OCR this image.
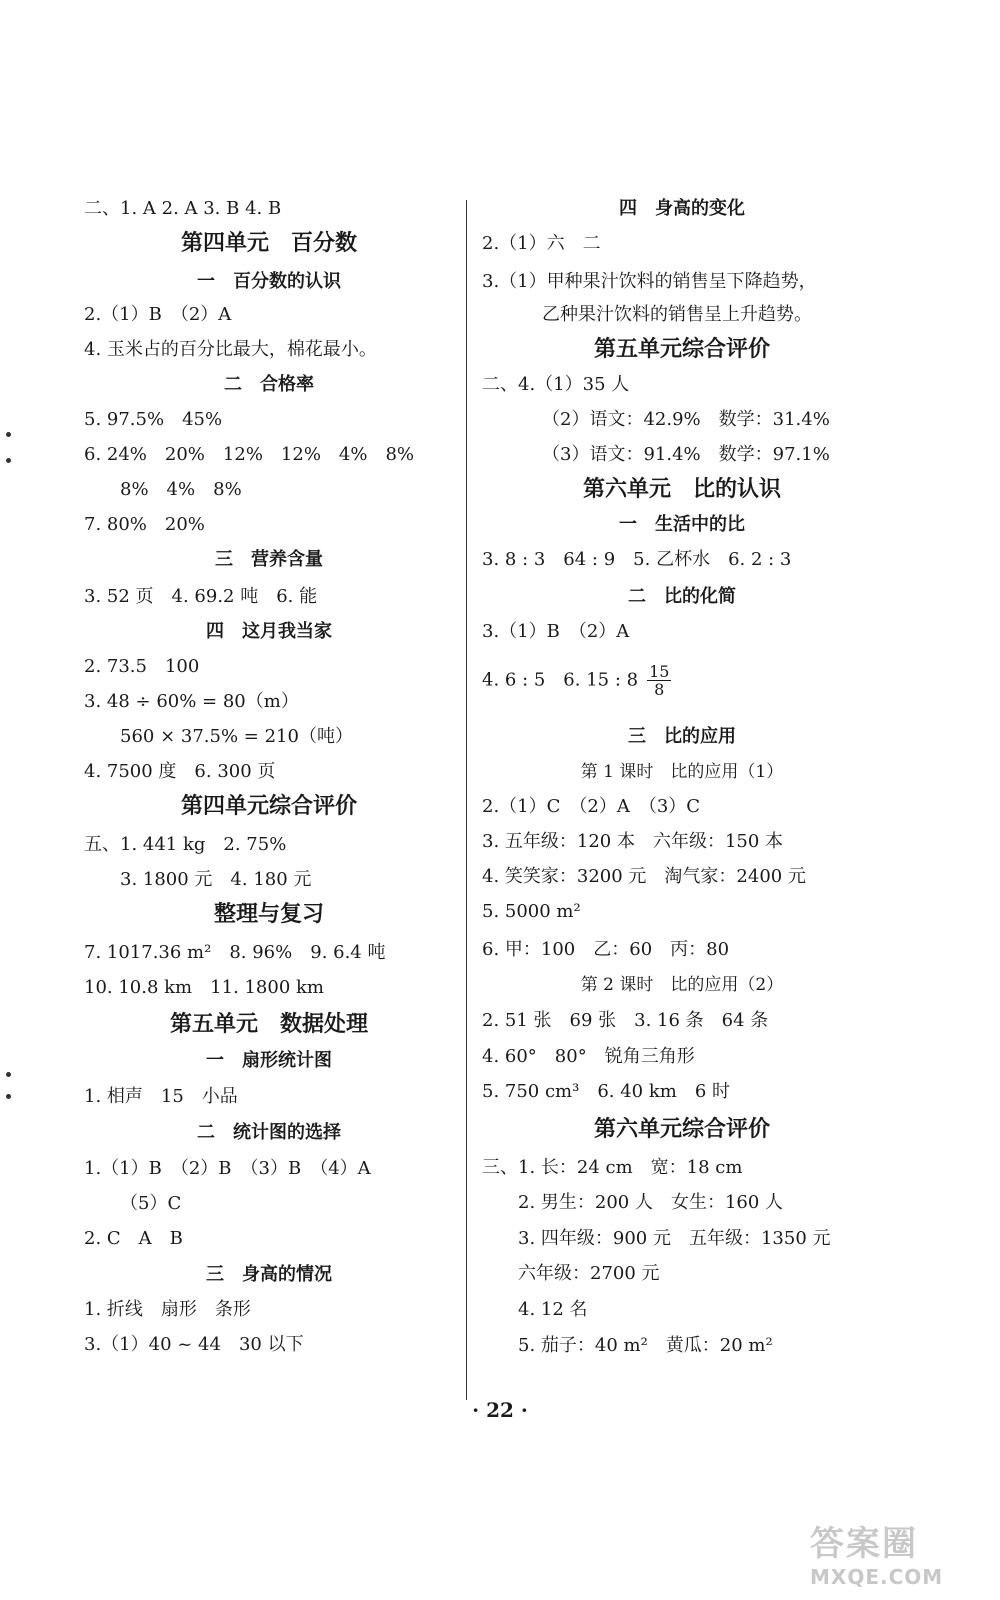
二、1. A 2. A 3. B 4. B
第四单元　百分数
一　百分数的认识
2.（1）B　（2）A
4. 玉米占的百分比最大，棉花最小。
二　合格率
5. 97.5%　45%
6. 24%　20%　12%　12%　4%　8%
8%　4%　8%
7. 80%　20%
三　营养含量
3. 52 页　4. 69.2 吨　6. 能
四　这月我当家
2. 73.5　100
3. 48 ÷ 60% = 80（m）
560 × 37.5% = 210（吨）
4. 7500 度　6. 300 页
第四单元综合评价
五、1. 441 kg　2. 75%
3. 1800 元　4. 180 元
整理与复习
7. 1017.36 m²　8. 96%　9. 6.4 吨
10. 10.8 km　11. 1800 km
第五单元　数据处理
一　扇形统计图
1. 相声　15　小品
二　统计图的选择
1.（1）B　（2）B　（3）B　（4）A
（5）C
2. C　A　B
三　身高的情况
1. 折线　扇形　条形
3.（1）40 ~ 44　30 以下
四　身高的变化
2.（1）六　二
3.（1）甲种果汁饮料的销售呈下降趋势，
乙种果汁饮料的销售呈上升趋势。
第五单元综合评价
二、4.（1）35 人
（2）语文：42.9%　数学：31.4%
（3）语文：91.4%　数学：97.1%
第六单元　比的认识
一　生活中的比
3. 8 : 3　64 : 9　5. 乙杯水　6. 2 : 3
二　比的化简
3.（1）B　（2）A
4. 6 : 5　6. 15 : 8  $\frac{15}{8}$
三　比的应用
第 1 课时　比的应用（1）
2.（1）C　（2）A　（3）C
3. 五年级：120 本　六年级：150 本
4. 笑笑家：3200 元　淘气家：2400 元
5. 5000 m²
6. 甲：100　乙：60　丙：80
第 2 课时　比的应用（2）
2. 51 张　69 张　3. 16 条　64 条
4. 60°　80°　锐角三角形
5. 750 cm³　6. 40 km　6 时
第六单元综合评价
三、1. 长：24 cm　宽：18 cm
2. 男生：200 人　女生：160 人
3. 四年级：900 元　五年级：1350 元
六年级：2700 元
4. 12 名
5. 茄子：40 m²　黄瓜：20 m²
· 22 ·
答案圈
MXQE.COM
